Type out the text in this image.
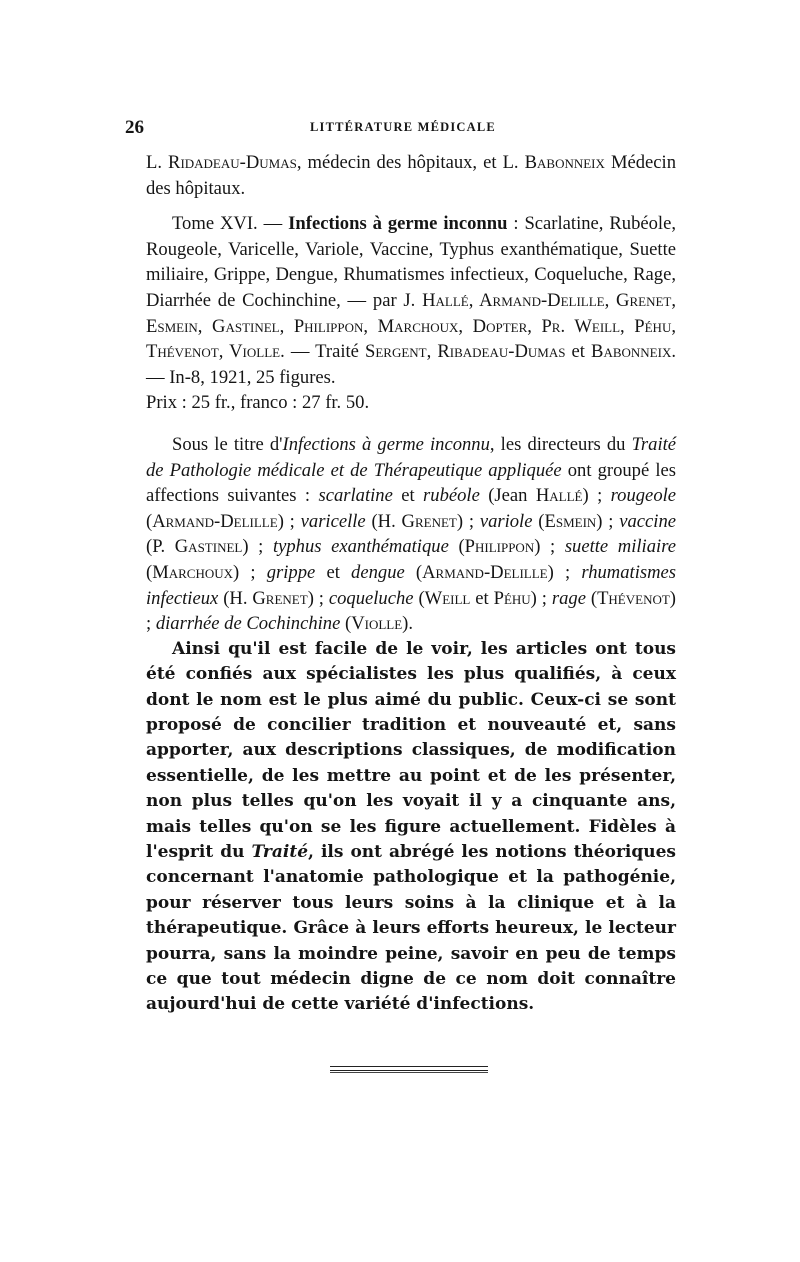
26	LITTÉRATURE MÉDICALE

L. Ridadeau-Dumas, médecin des hôpitaux, et L. Babonneix Médecin des hôpitaux.

Tome XVI. — Infections à germe inconnu : Scarlatine, Rubéole, Rougeole, Varicelle, Variole, Vaccine, Typhus exanthématique, Suette miliaire, Grippe, Dengue, Rhumatismes infectieux, Coqueluche, Rage, Diarrhée de Cochinchine, — par J. Hallé, Armand-Delille, Grenet, Esmein, Gastinel, Philippon, Marchoux, Dopter, Pr. Weill, Péhu, Thévenot, Violle. — Traité Sergent, Ribadeau-Dumas et Babonneix. — In-8, 1921, 25 figures.
Prix : 25 fr., franco : 27 fr. 50.

Sous le titre d'Infections à germe inconnu, les directeurs du Traité de Pathologie médicale et de Thérapeutique appliquée ont groupé les affections suivantes : scarlatine et rubéole (Jean Hallé) ; rougeole (Armand-Delille) ; varicelle (H. Grenet) ; variole (Esmein) ; vaccine (P. Gastinel) ; typhus exanthématique (Philippon) ; suette miliaire (Marchoux) ; grippe et dengue (Armand-Delille) ; rhumatismes infectieux (H. Grenet) ; coqueluche (Weill et Péhu) ; rage (Thévenot) ; diarrhée de Cochinchine (Violle).

Ainsi qu'il est facile de le voir, les articles ont tous été confiés aux spécialistes les plus qualifiés, à ceux dont le nom est le plus aimé du public. Ceux-ci se sont proposé de concilier tradition et nouveauté et, sans apporter, aux descriptions classiques, de modification essentielle, de les mettre au point et de les présenter, non plus telles qu'on les voyait il y a cinquante ans, mais telles qu'on se les figure actuellement. Fidèles à l'esprit du Traité, ils ont abrégé les notions théoriques concernant l'anatomie pathologique et la pathogénie, pour réserver tous leurs soins à la clinique et à la thérapeutique. Grâce à leurs efforts heureux, le lecteur pourra, sans la moindre peine, savoir en peu de temps ce que tout médecin digne de ce nom doit connaître aujourd'hui de cette variété d'infections.
